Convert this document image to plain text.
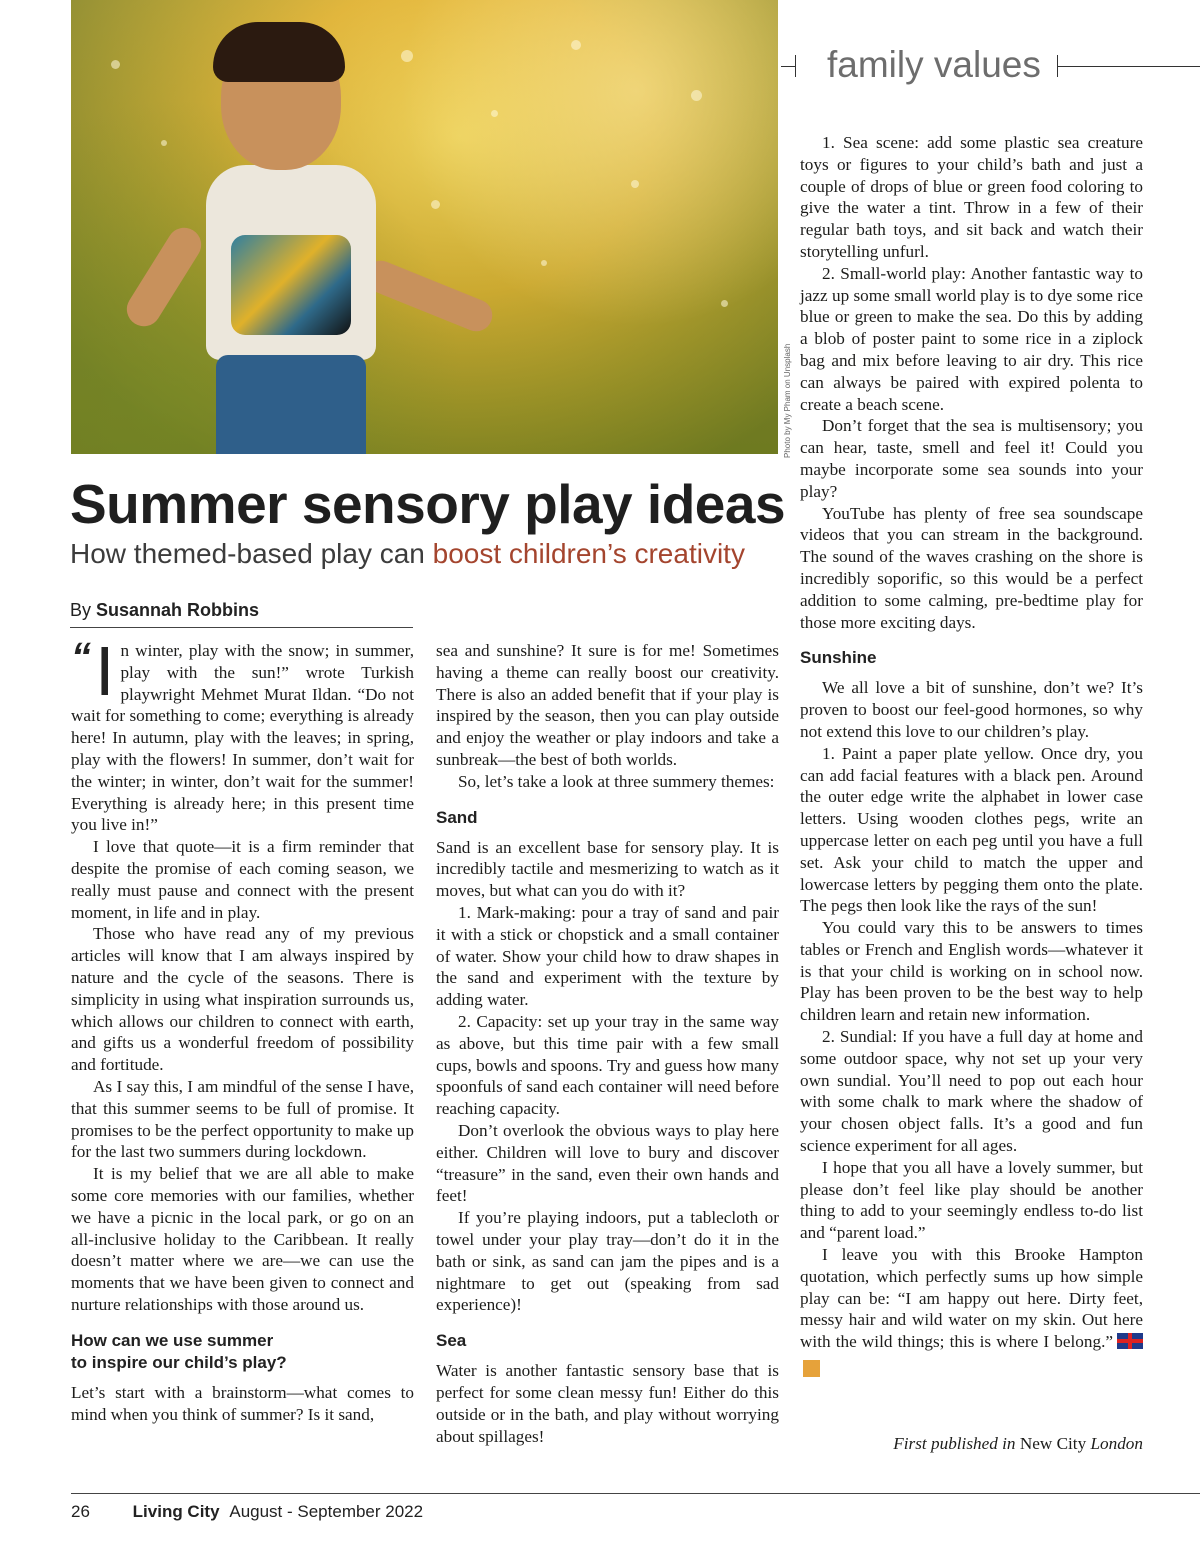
Photo by My Pham on Unsplash
family values
Summer sensory play ideas
How themed-based play can boost children’s creativity
By Susannah Robbins

“ I n winter, play with the snow; in summer, play with the sun!” wrote Turkish playwright Mehmet Murat Ildan. “Do not wait for something to come; everything is already here! In autumn, play with the leaves; in spring, play with the flowers! In summer, don’t wait for the winter; in winter, don’t wait for the summer! Everything is already here; in this present time you live in!”

I love that quote—it is a firm reminder that despite the promise of each coming season, we really must pause and connect with the present moment, in life and in play.

Those who have read any of my previous articles will know that I am always inspired by nature and the cycle of the seasons. There is simplicity in using what inspiration surrounds us, which allows our children to connect with earth, and gifts us a wonderful freedom of possibility and fortitude.

As I say this, I am mindful of the sense I have, that this summer seems to be full of promise. It promises to be the perfect opportunity to make up for the last two summers during lockdown.

It is my belief that we are all able to make some core memories with our families, whether we have a picnic in the local park, or go on an all-inclusive holiday to the Caribbean. It really doesn’t matter where we are—we can use the moments that we have been given to connect and nurture relationships with those around us.

How can we use summer
to inspire our child’s play?

Let’s start with a brainstorm—what comes to mind when you think of summer? Is it sand,

sea and sunshine? It sure is for me! Sometimes having a theme can really boost our creativity. There is also an added benefit that if your play is inspired by the season, then you can play outside and enjoy the weather or play indoors and take a sunbreak—the best of both worlds.

So, let’s take a look at three summery themes:

Sand

Sand is an excellent base for sensory play. It is incredibly tactile and mesmerizing to watch as it moves, but what can you do with it?

1. Mark-making: pour a tray of sand and pair it with a stick or chopstick and a small container of water. Show your child how to draw shapes in the sand and experiment with the texture by adding water.

2. Capacity: set up your tray in the same way as above, but this time pair with a few small cups, bowls and spoons. Try and guess how many spoonfuls of sand each container will need before reaching capacity.

Don’t overlook the obvious ways to play here either. Children will love to bury and discover “treasure” in the sand, even their own hands and feet!

If you’re playing indoors, put a tablecloth or towel under your play tray—don’t do it in the bath or sink, as sand can jam the pipes and is a nightmare to get out (speaking from sad experience)!

Sea

Water is another fantastic sensory base that is perfect for some clean messy fun! Either do this outside or in the bath, and play without worrying about spillages!

1. Sea scene: add some plastic sea creature toys or figures to your child’s bath and just a couple of drops of blue or green food coloring to give the water a tint. Throw in a few of their regular bath toys, and sit back and watch their storytelling unfurl.

2. Small-world play: Another fantastic way to jazz up some small world play is to dye some rice blue or green to make the sea. Do this by adding a blob of poster paint to some rice in a ziplock bag and mix before leaving to air dry. This rice can always be paired with expired polenta to create a beach scene.

Don’t forget that the sea is multisensory; you can hear, taste, smell and feel it! Could you maybe incorporate some sea sounds into your play?

YouTube has plenty of free sea soundscape videos that you can stream in the background. The sound of the waves crashing on the shore is incredibly soporific, so this would be a perfect addition to some calming, pre-bedtime play for those more exciting days.

Sunshine

We all love a bit of sunshine, don’t we? It’s proven to boost our feel-good hormones, so why not extend this love to our children’s play.

1. Paint a paper plate yellow. Once dry, you can add facial features with a black pen. Around the outer edge write the alphabet in lower case letters. Using wooden clothes pegs, write an uppercase letter on each peg until you have a full set. Ask your child to match the upper and lowercase letters by pegging them onto the plate. The pegs then look like the rays of the sun!

You could vary this to be answers to times tables or French and English words—whatever it is that your child is working on in school now. Play has been proven to be the best way to help children learn and retain new information.

2. Sundial: If you have a full day at home and some outdoor space, why not set up your very own sundial. You’ll need to pop out each hour with some chalk to mark where the shadow of your chosen object falls. It’s a good and fun science experiment for all ages.

I hope that you all have a lovely summer, but please don’t feel like play should be another thing to add to your seemingly endless to-do list and “parent load.”

I leave you with this Brooke Hampton quotation, which perfectly sums up how simple play can be: “I am happy out here. Dirty feet, messy hair and wild water on my skin. Out here with the wild things; this is where I belong.”LC

First published in New City London
26	Living City August - September 2022
